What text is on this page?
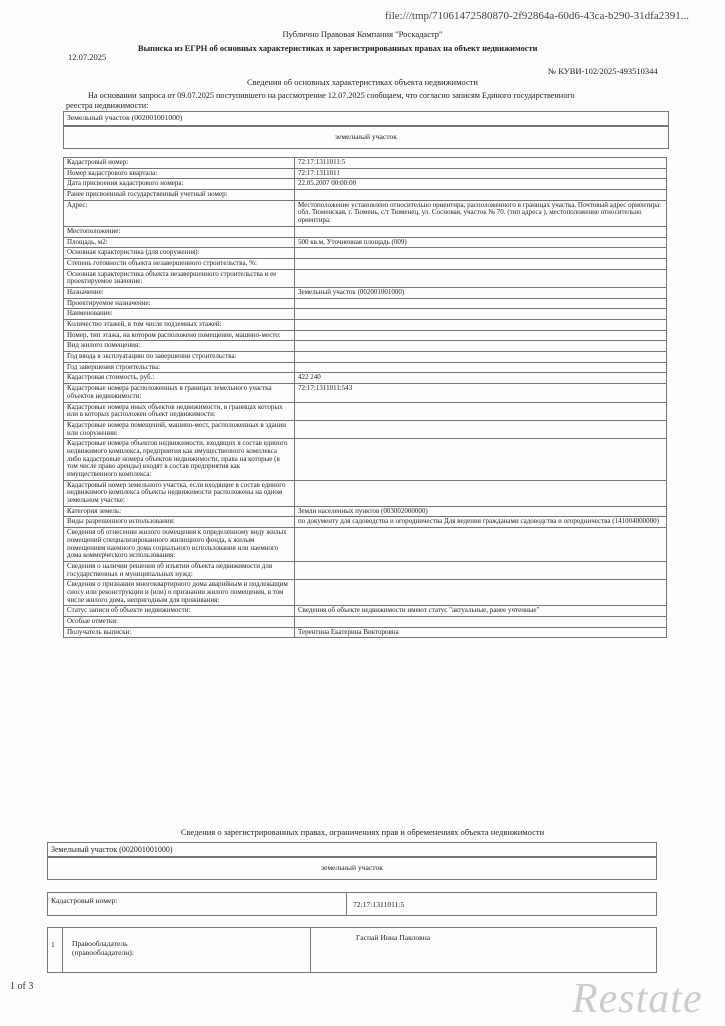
file:///tmp/71061472580870-2f92864a-60d6-43ca-b290-31dfa2391...
Публично Правовая Компания "Роскадастр"
12.07.2025
Выписка из ЕГРН об основных характеристиках и зарегистрированных правах на объект недвижимости
№ КУВИ-102/2025-493510344
Сведения об основных характеристиках объекта недвижимости
На основании запроса от 09.07.2025 поступившего на рассмотрение 12.07.2025 сообщаем, что согласно записям Единого государственного
реестра недвижимости:
Земельный участок (002001001000)
земельный участок
Кадастровый номер:	72:17:1311011:5
Номер кадастрового квартала:	72:17:1311011
Дата присвоения кадастрового номера:	22.05.2007 00:00:00
Ранее присвоенный государственный учетный номер:	
Адрес:	Местоположение установлено относительно ориентира, расположенного в границах участка. Почтовый адрес ориентира: обл. Тюменская, г. Тюмень, с/т Тюменец, ул. Сосновая, участок № 70. (тип адреса ), местоположение относительно ориентира:
Местоположение:	
Площадь, м2:	500 кв.м, Уточненная площадь (009)
Основная характеристика (для сооружения):	
Степень готовности объекта незавершенного строительства, %:	
Основная характеристика объекта незавершенного строительства и ее проектируемое значение:	
Назначение:	Земельный участок (002001001000)
Проектируемое назначение:	
Наименование:	
Количество этажей, в том числе подземных этажей:	
Номер, тип этажа, на котором расположено помещение, машино-место:	
Вид жилого помещения:	
Год ввода в эксплуатацию по завершении строительства:	
Год завершения строительства:	
Кадастровая стоимость, руб.:	422 240
Кадастровые номера расположенных в границах земельного участка объектов недвижимости:	72:17:1311011:543
Кадастровые номера иных объектов недвижимости, в границах которых или в которых расположен объект недвижимости:	
Кадастровые номера помещений, машино-мест, расположенных в здании или сооружении:	
Кадастровые номера объектов недвижимости, входящих в состав единого недвижимого комплекса, предприятия как имущественного комплекса либо кадастровые номера объектов недвижимости, права на которые (в том числе право аренды) входят в состав предприятия как имущественного комплекса:	
Кадастровый номер земельного участка, если входящие в состав единого недвижимого комплекса объекты недвижимости расположены на одном земельном участке:	
Категория земель:	Земли населенных пунктов (003002000000)
Виды разрешенного использования:	по документу для садоводства и огородничества Для ведения гражданами садоводства и огородничества (141004000000)
Сведения об отнесении жилого помещения к определенному виду жилых помещений специализированного жилищного фонда, к жилым помещениям наемного дома социального использования или наемного дома коммерческого использования:	
Сведения о наличии решения об изъятии объекта недвижимости для государственных и муниципальных нужд:	
Сведения о признании многоквартирного дома аварийным и подлежащим сносу или реконструкции и (или) о признании жилого помещения, в том числе жилого дома, непригодным для проживания:	
Статус записи об объекте недвижимости:	Сведения об объекте недвижимости имеют статус "актуальные, ранее учтенные"
Особые отметки:	
Получатель выписки:	Терентина Екатерина Викторовна
Сведения о зарегистрированных правах, ограничениях прав и обременениях объекта недвижимости
Земельный участок (002001001000)
земельный участок
Кадастровый номер:	72:17:1311011:5
1 Правообладатель (правообладатели):
Гаспай Инна Павловна
1 of 3	Restate
